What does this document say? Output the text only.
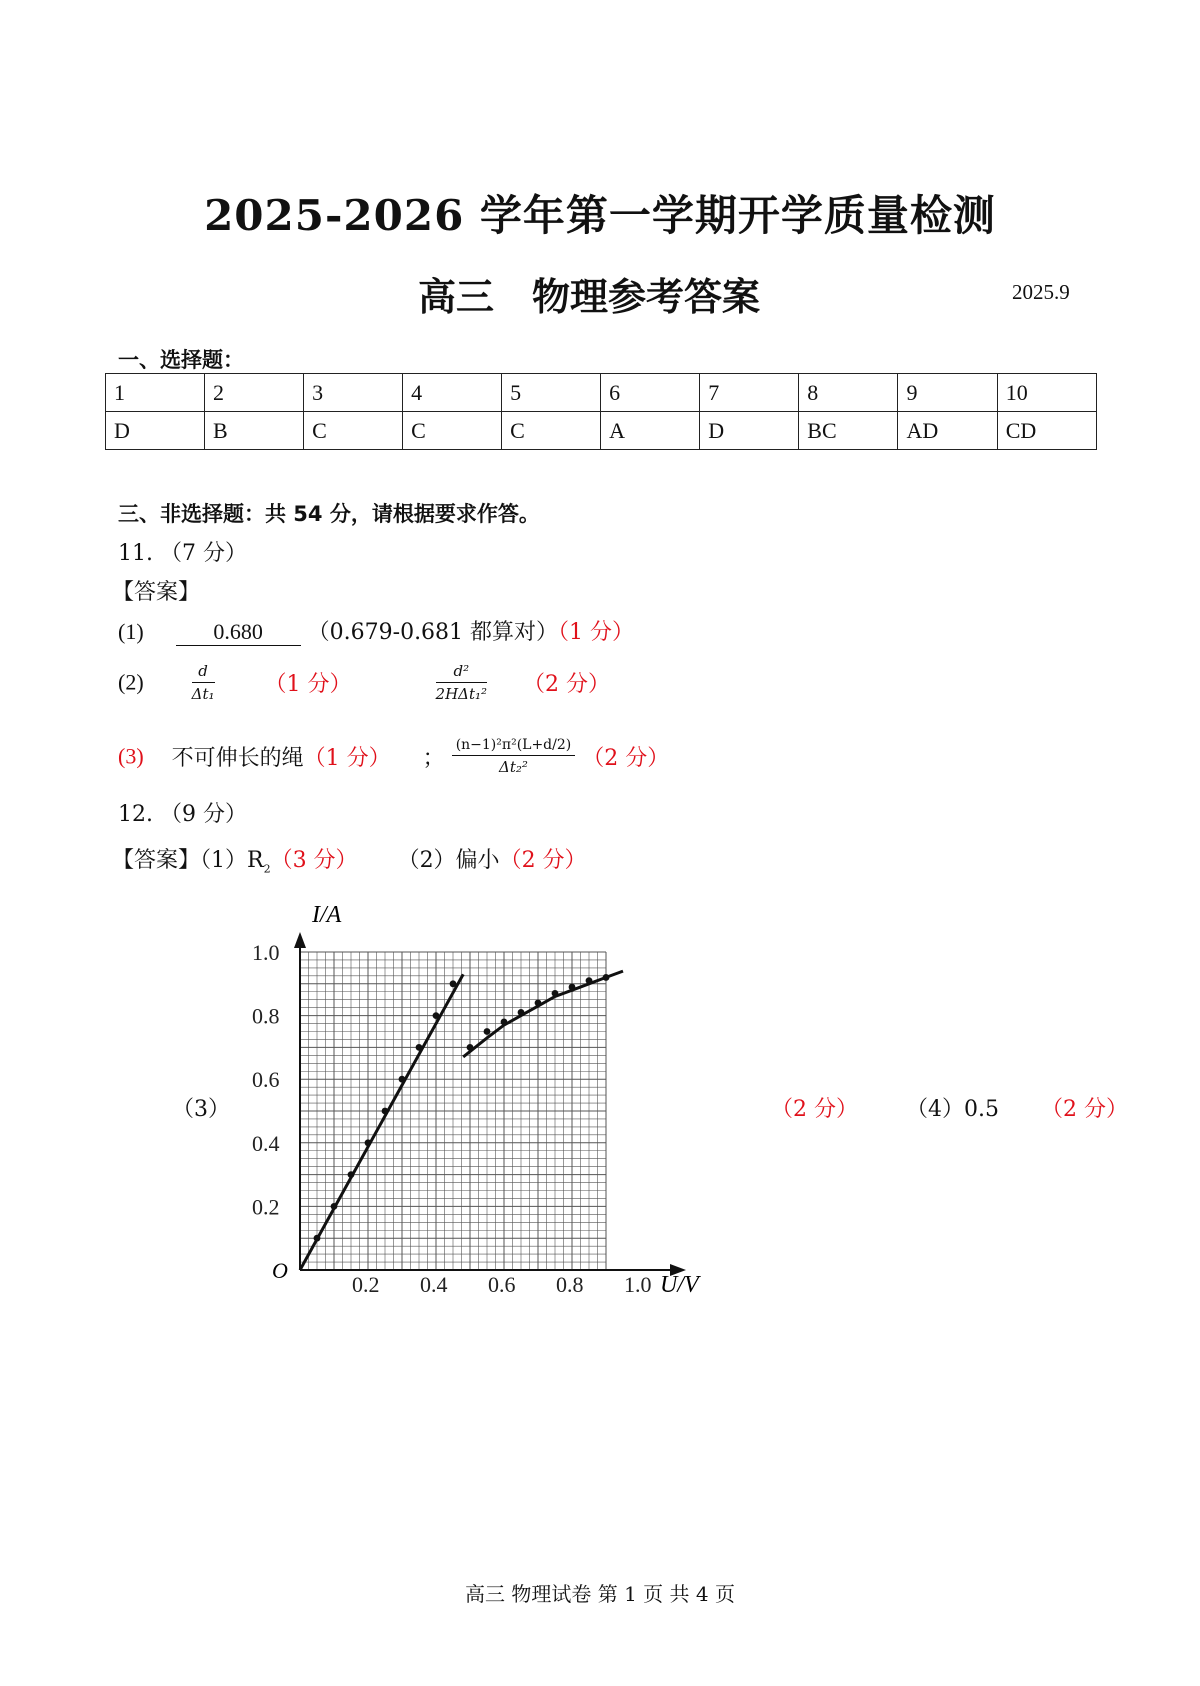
2025-2026 学年第一学期开学质量检测
高三　物理参考答案	2025.9
一、选择题：
1	2	3	4	5	6	7	8	9	10
D	B	C	C	C	A	D	BC	AD	CD
三、非选择题：共 54 分，请根据要求作答。
11. （7 分）
【答案】
(1)	0.680 （0.679-0.681 都算对）（1 分）
(2)	$\frac{d}{\text{Δt₁}} (1$ 分）	$\frac{\text{d²}}{\text{2HΔt₁²}} (2$ 分）
(3) 不可伸长的绳（1 分） ； $\frac{\text{(n−1)²π²(L+d/2)}}{\text{Δt₂²}} (2$ 分）
12. （9 分）
【答案】$(1)R_2(3$ 分） （2）偏小（2 分）
（3）
0.2 0.4 0.6 0.8 1.0
0.2
0.4
0.6
0.8
1.0
I/A
U/V
O
（2 分） （4）0.5 （2 分）
高三 物理试卷 第 1 页 共 4 页
